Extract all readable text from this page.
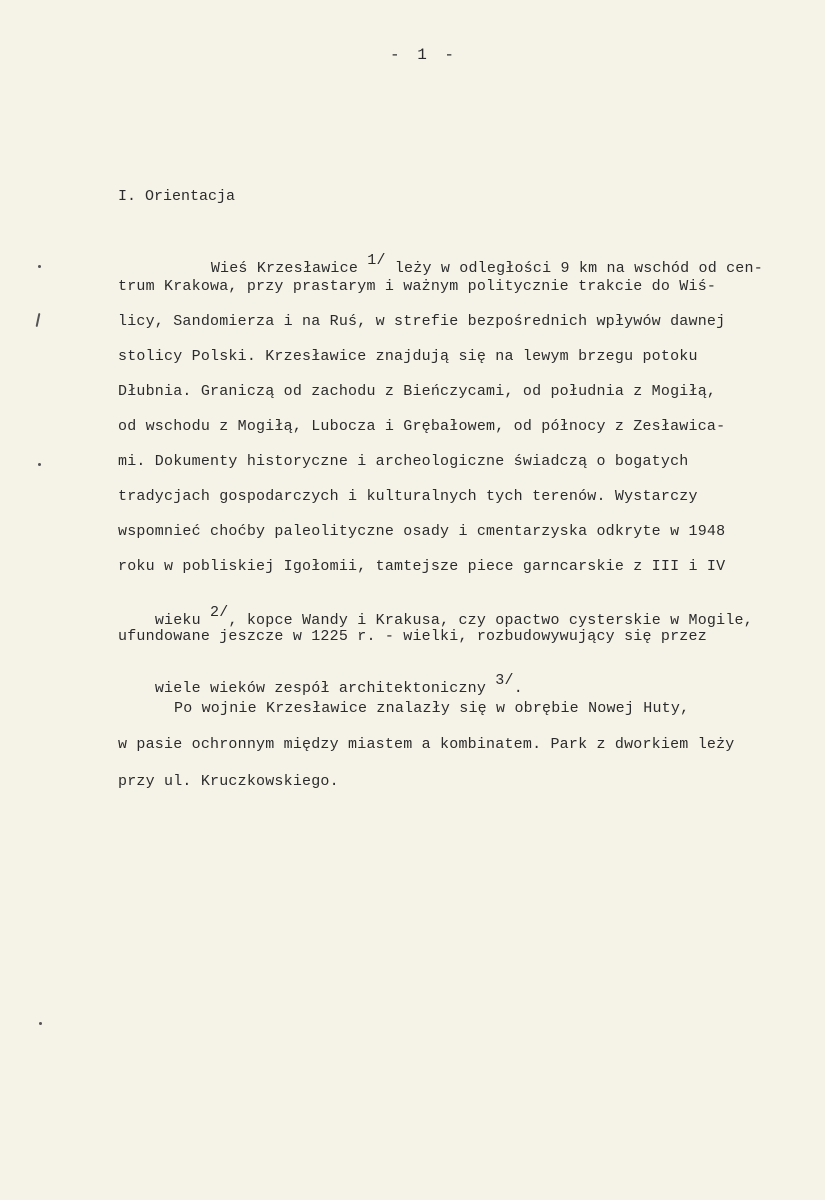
- 1 -
I. Orientacja

Wieś Krzesławice 1/ leży w odległości 9 km na wschód od cen-

trum Krakowa, przy prastarym i ważnym politycznie trakcie do Wiś-
licy, Sandomierza i na Ruś, w strefie bezpośrednich wpływów dawnej
stolicy Polski. Krzesławice znajdują się na lewym brzegu potoku
Dłubnia. Graniczą od zachodu z Bieńczycami, od południa z Mogiłą,
od wschodu z Mogiłą, Lubocza i Grębałowem, od północy z Zesławica-
mi. Dokumenty historyczne i archeologiczne świadczą o bogatych
tradycjach gospodarczych i kulturalnych tych terenów. Wystarczy
wspomnieć choćby paleolityczne osady i cmentarzyska odkryte w 1948
roku w pobliskiej Igołomii, tamtejsze piece garncarskie z III i IV

wieku 2/, kopce Wandy i Krakusa, czy opactwo cysterskie w Mogile,

ufundowane jeszcze w 1225 r. - wielki, rozbudowywujący się przez

wiele wieków zespół architektoniczny 3/.

Po wojnie Krzesławice znalazły się w obrębie Nowej Huty,
w pasie ochronnym między miastem a kombinatem. Park z dworkiem leży
przy ul. Kruczkowskiego.
